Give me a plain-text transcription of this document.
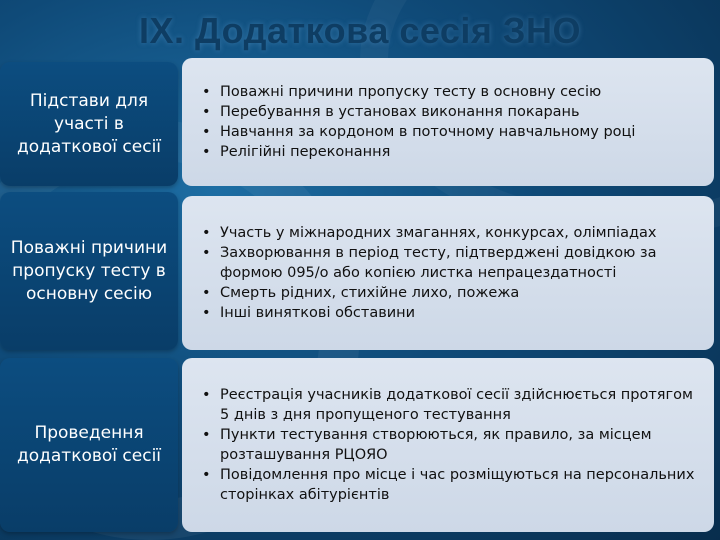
IX. Додаткова сесія ЗНО
Підстави для участі в додаткової сесії
• Поважні причини пропуску тесту в основну сесію
• Перебування в установах виконання покарань
• Навчання за кордоном в поточному навчальному році
• Релігійні переконання
Поважні причини пропуску тесту в основну сесію
• Участь у міжнародних змаганнях, конкурсах, олімпіадах
• Захворювання в період тесту, підтверджені довідкою за формою 095/о або копією листка непрацездатності
• Смерть рідних, стихійне лихо, пожежа
• Інші виняткові обставини
Проведення додаткової сесії
• Реєстрація учасників додаткової сесії здійснюється протягом 5 днів з дня пропущеного тестування
• Пункти тестування створюються, як правило, за місцем розташування РЦОЯО
• Повідомлення про місце і час розміщуються на персональних сторінках абітурієнтів
